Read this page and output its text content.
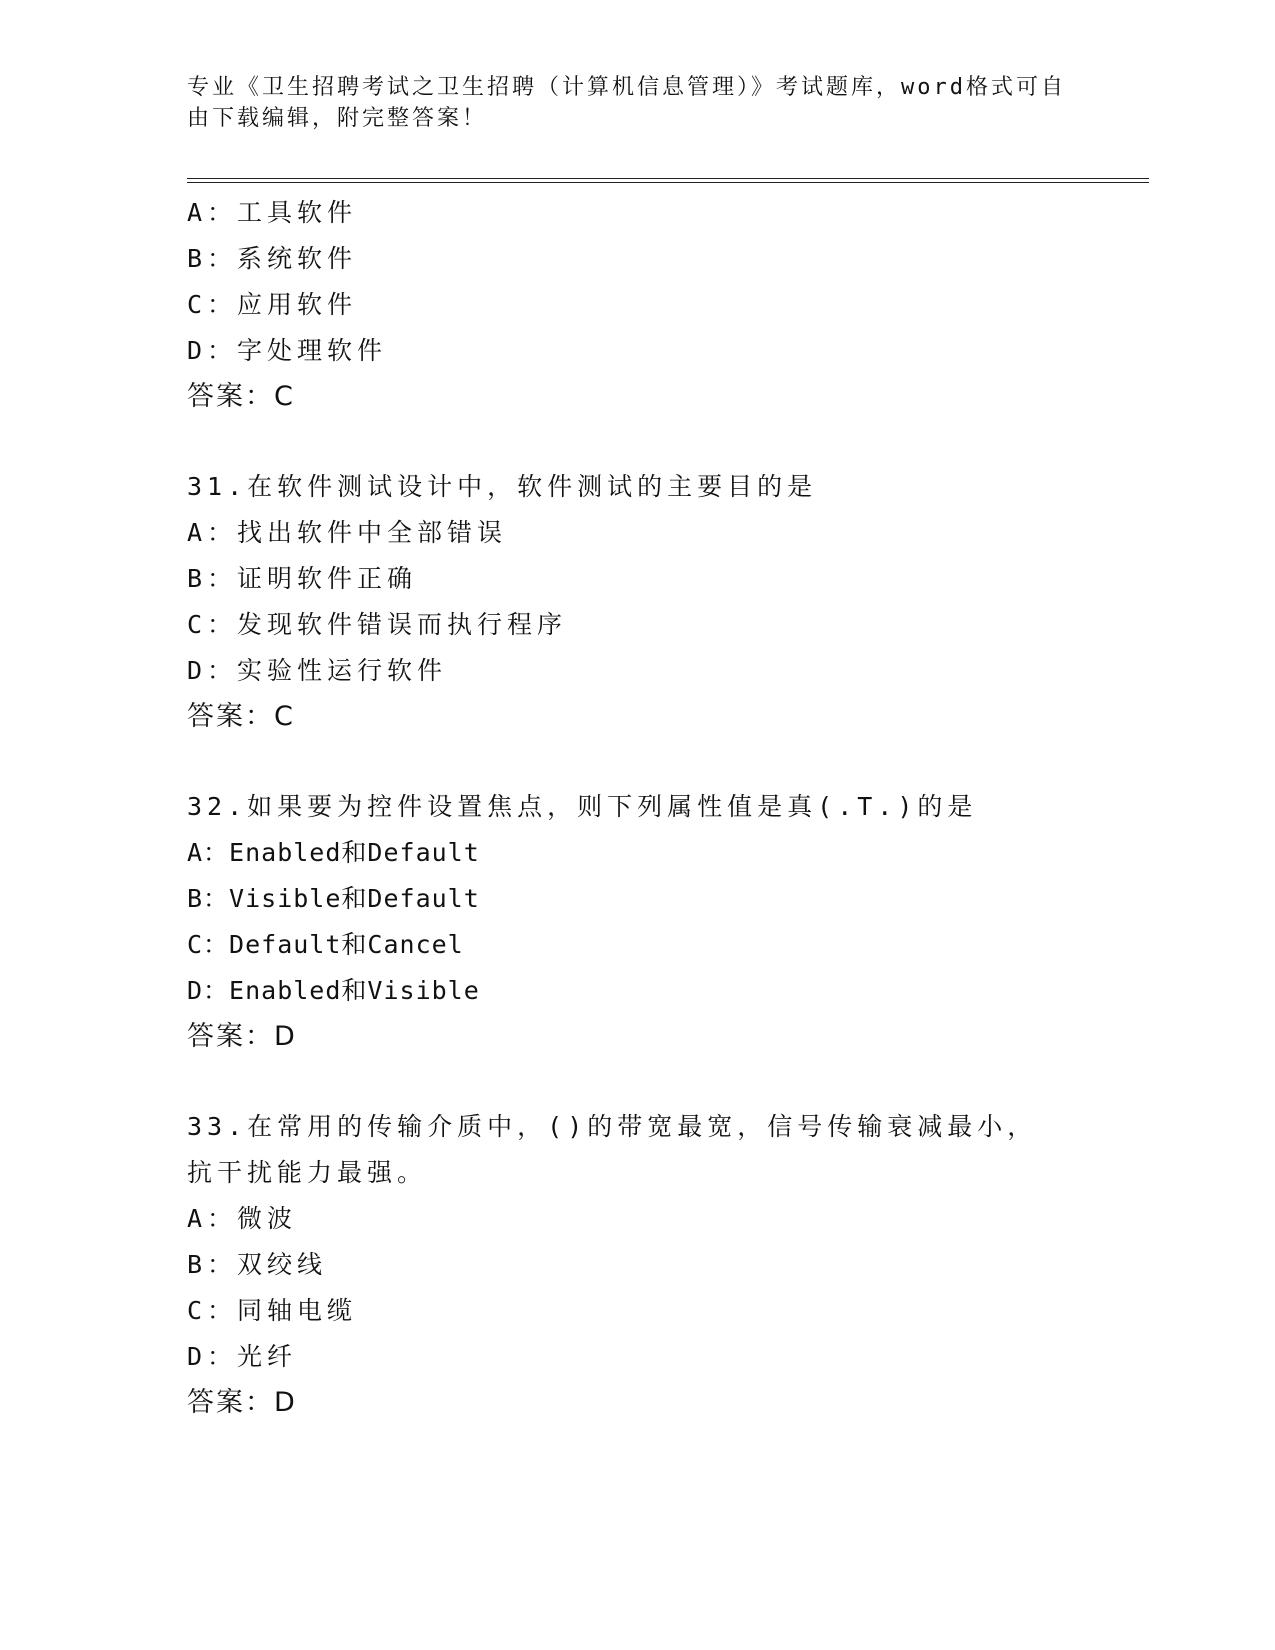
专业《卫生招聘考试之卫生招聘（计算机信息管理）》考试题库，word格式可自由下载编辑，附完整答案！
A：工具软件
B：系统软件
C：应用软件
D：字处理软件
答案：C
31.在软件测试设计中，软件测试的主要目的是
A：找出软件中全部错误
B：证明软件正确
C：发现软件错误而执行程序
D：实验性运行软件
答案：C
32.如果要为控件设置焦点，则下列属性值是真(.T.)的是
A：Enabled和Default
B：Visible和Default
C：Default和Cancel
D：Enabled和Visible
答案：D
33.在常用的传输介质中，()的带宽最宽，信号传输衰减最小，抗干扰能力最强。
A：微波
B：双绞线
C：同轴电缆
D：光纤
答案：D
